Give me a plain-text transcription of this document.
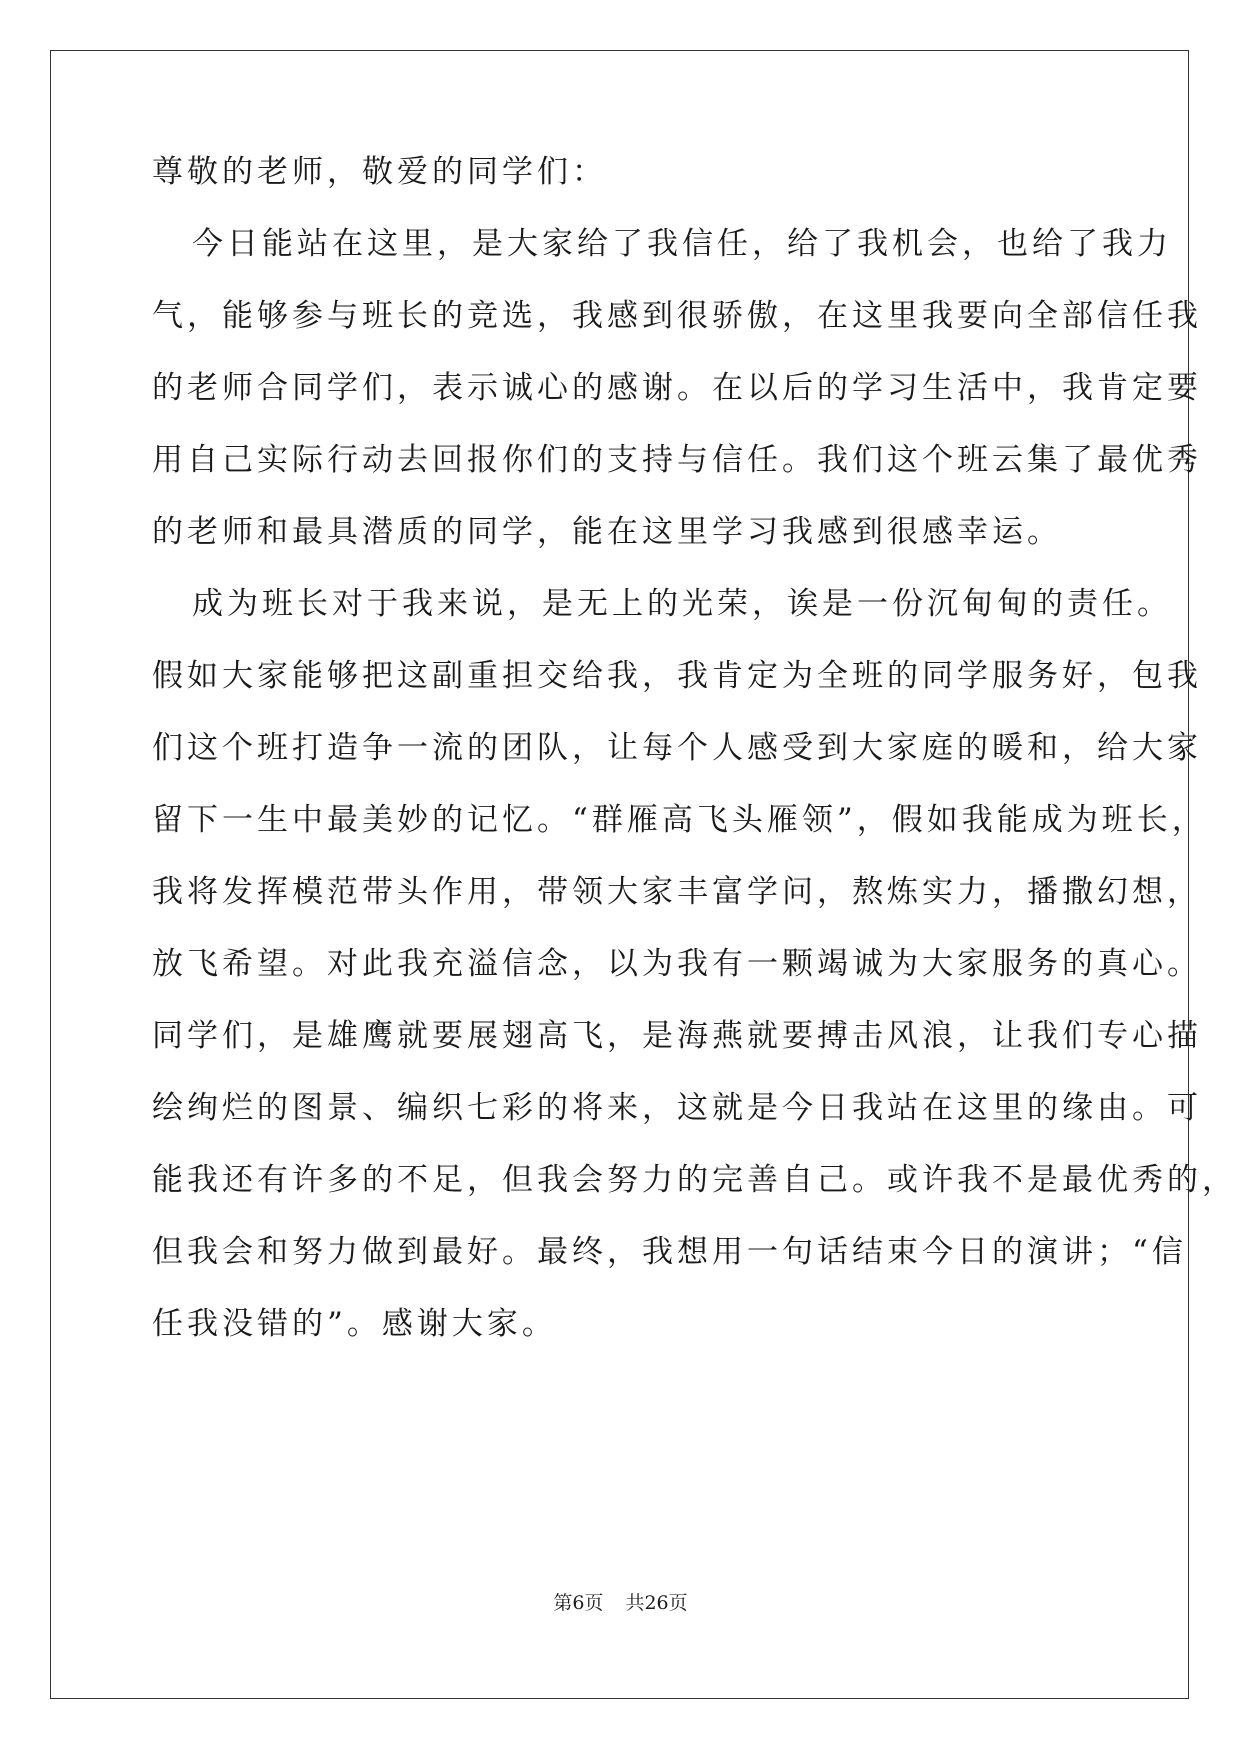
尊敬的老师，敬爱的同学们：
今日能站在这里，是大家给了我信任，给了我机会，也给了我力
气，能够参与班长的竞选，我感到很骄傲，在这里我要向全部信任我
的老师合同学们，表示诚心的感谢。在以后的学习生活中，我肯定要
用自己实际行动去回报你们的支持与信任。我们这个班云集了最优秀
的老师和最具潜质的同学，能在这里学习我感到很感幸运。
成为班长对于我来说，是无上的光荣，诶是一份沉甸甸的责任。
假如大家能够把这副重担交给我，我肯定为全班的同学服务好，包我
们这个班打造争一流的团队，让每个人感受到大家庭的暖和，给大家
留下一生中最美妙的记忆。“群雁高飞头雁领”，假如我能成为班长，
我将发挥模范带头作用，带领大家丰富学问，熬炼实力，播撒幻想，
放飞希望。对此我充溢信念，以为我有一颗竭诚为大家服务的真心。
同学们，是雄鹰就要展翅高飞，是海燕就要搏击风浪，让我们专心描
绘绚烂的图景、编织七彩的将来，这就是今日我站在这里的缘由。可
能我还有许多的不足，但我会努力的完善自己。或许我不是最优秀的，
但我会和努力做到最好。最终，我想用一句话结束今日的演讲；“信
任我没错的”。感谢大家。
第6页 共26页
